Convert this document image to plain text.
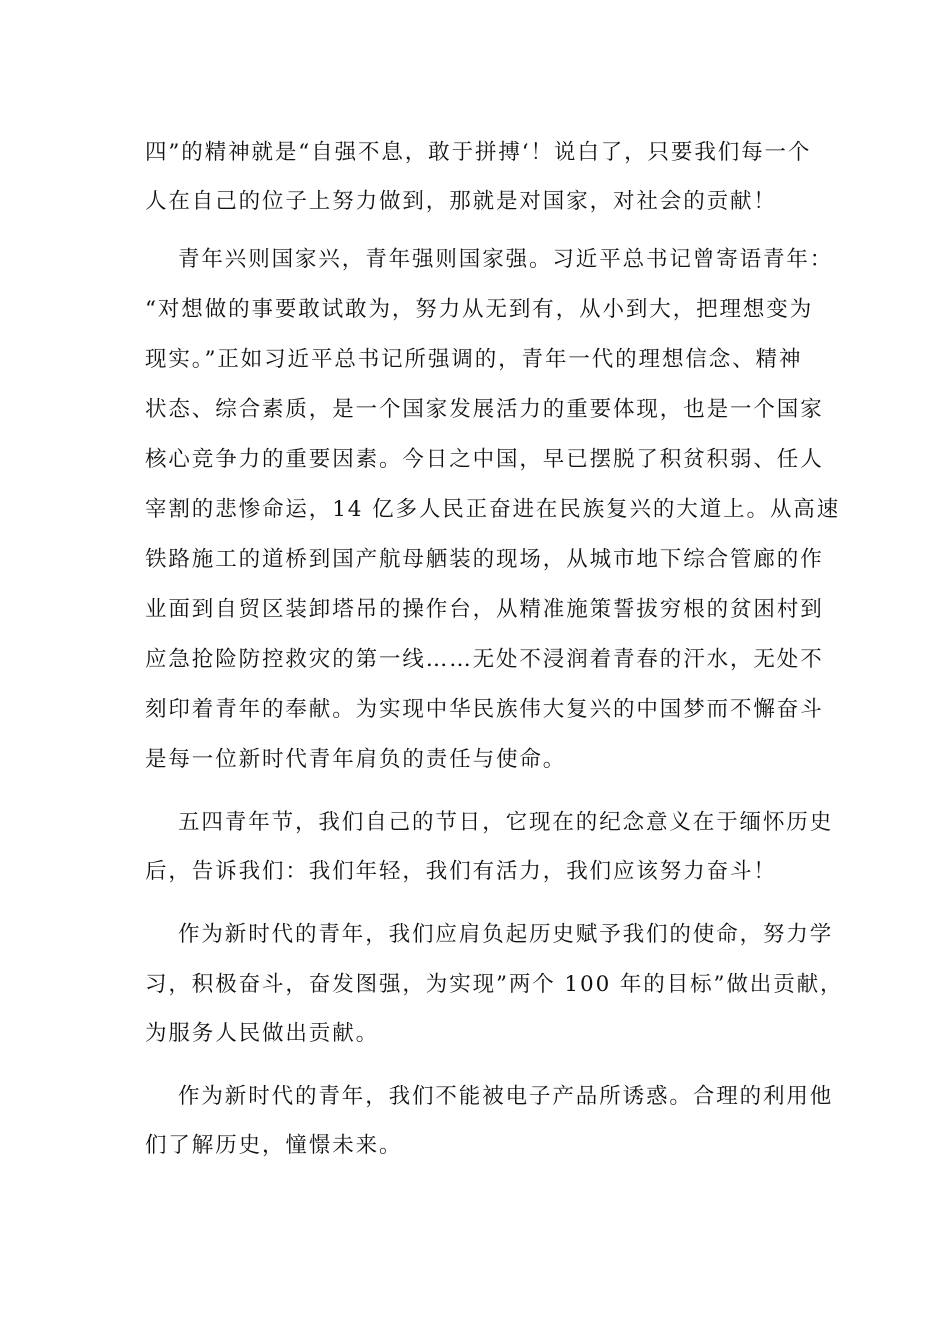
四”的精神就是“自强不息，敢于拼搏‘！说白了，只要我们每一个

人在自己的位子上努力做到，那就是对国家，对社会的贡献！

青年兴则国家兴，青年强则国家强。习近平总书记曾寄语青年：

“对想做的事要敢试敢为，努力从无到有，从小到大，把理想变为

现实。”正如习近平总书记所强调的，青年一代的理想信念、精神

状态、综合素质，是一个国家发展活力的重要体现，也是一个国家

核心竞争力的重要因素。今日之中国，早已摆脱了积贫积弱、任人

宰割的悲惨命运，14 亿多人民正奋进在民族复兴的大道上。从高速

铁路施工的道桥到国产航母舾装的现场，从城市地下综合管廊的作

业面到自贸区装卸塔吊的操作台，从精准施策誓拔穷根的贫困村到

应急抢险防控救灾的第一线……无处不浸润着青春的汗水，无处不

刻印着青年的奉献。为实现中华民族伟大复兴的中国梦而不懈奋斗

是每一位新时代青年肩负的责任与使命。

五四青年节，我们自己的节日，它现在的纪念意义在于缅怀历史

后，告诉我们：我们年轻，我们有活力，我们应该努力奋斗！

作为新时代的青年，我们应肩负起历史赋予我们的使命，努力学

习，积极奋斗，奋发图强，为实现”两个 100 年的目标”做出贡献，

为服务人民做出贡献。

作为新时代的青年，我们不能被电子产品所诱惑。合理的利用他

们了解历史，憧憬未来。
